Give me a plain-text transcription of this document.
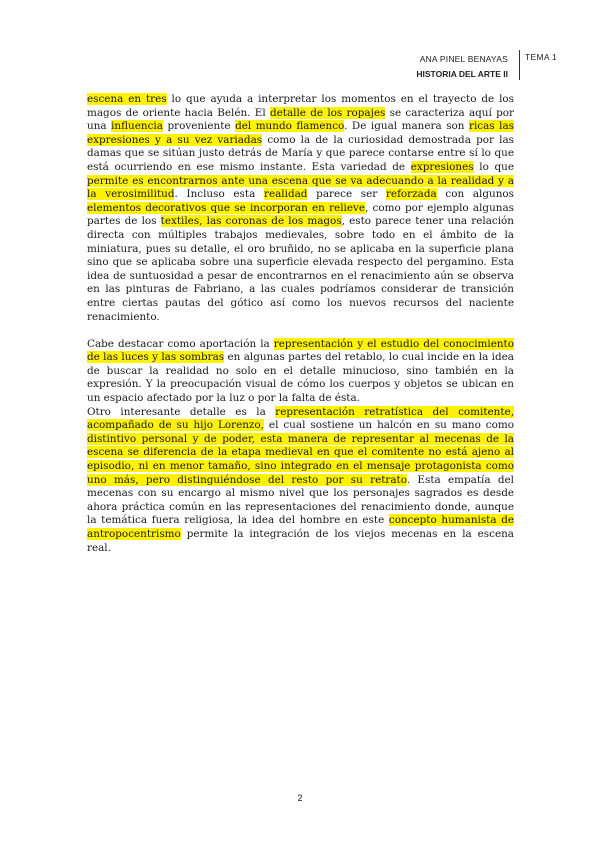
ANA PINEL BENAYAS
HISTORIA DEL ARTE II
TEMA 1

escena en tres lo que ayuda a interpretar los momentos en el trayecto de los magos de oriente hacia Belén. El detalle de los ropajes se caracteriza aquí por una influencia proveniente del mundo flamenco. De igual manera son ricas las expresiones y a su vez variadas como la de la curiosidad demostrada por las damas que se sitúan justo detrás de María y que parece contarse entre sí lo que está ocurriendo en ese mismo instante. Esta variedad de expresiones lo que permite es encontrarnos ante una escena que se va adecuando a la realidad y a la verosimilitud. Incluso esta realidad parece ser reforzada con algunos elementos decorativos que se incorporan en relieve, como por ejemplo algunas partes de los textiles, las coronas de los magos, esto parece tener una relación directa con múltiples trabajos medievales, sobre todo en el ámbito de la miniatura, pues su detalle, el oro bruñido, no se aplicaba en la superficie plana sino que se aplicaba sobre una superficie elevada respecto del pergamino. Esta idea de suntuosidad a pesar de encontrarnos en el renacimiento aún se observa en las pinturas de Fabriano, a las cuales podríamos considerar de transición entre ciertas pautas del gótico así como los nuevos recursos del naciente renacimiento.

Cabe destacar como aportación la representación y el estudio del conocimiento de las luces y las sombras en algunas partes del retablo, lo cual incide en la idea de buscar la realidad no solo en el detalle minucioso, sino también en la expresión. Y la preocupación visual de cómo los cuerpos y objetos se ubican en un espacio afectado por la luz o por la falta de ésta.

Otro interesante detalle es la representación retratística del comitente, acompañado de su hijo Lorenzo, el cual sostiene un halcón en su mano como distintivo personal y de poder, esta manera de representar al mecenas de la escena se diferencia de la etapa medieval en que el comitente no está ajeno al episodio, ni en menor tamaño, sino integrado en el mensaje protagonista como uno más, pero distinguiéndose del resto por su retrato. Esta empatía del mecenas con su encargo al mismo nivel que los personajes sagrados es desde ahora práctica común en las representaciones del renacimiento donde, aunque la temática fuera religiosa, la idea del hombre en este concepto humanista de antropocentrismo permite la integración de los viejos mecenas en la escena real.

2
